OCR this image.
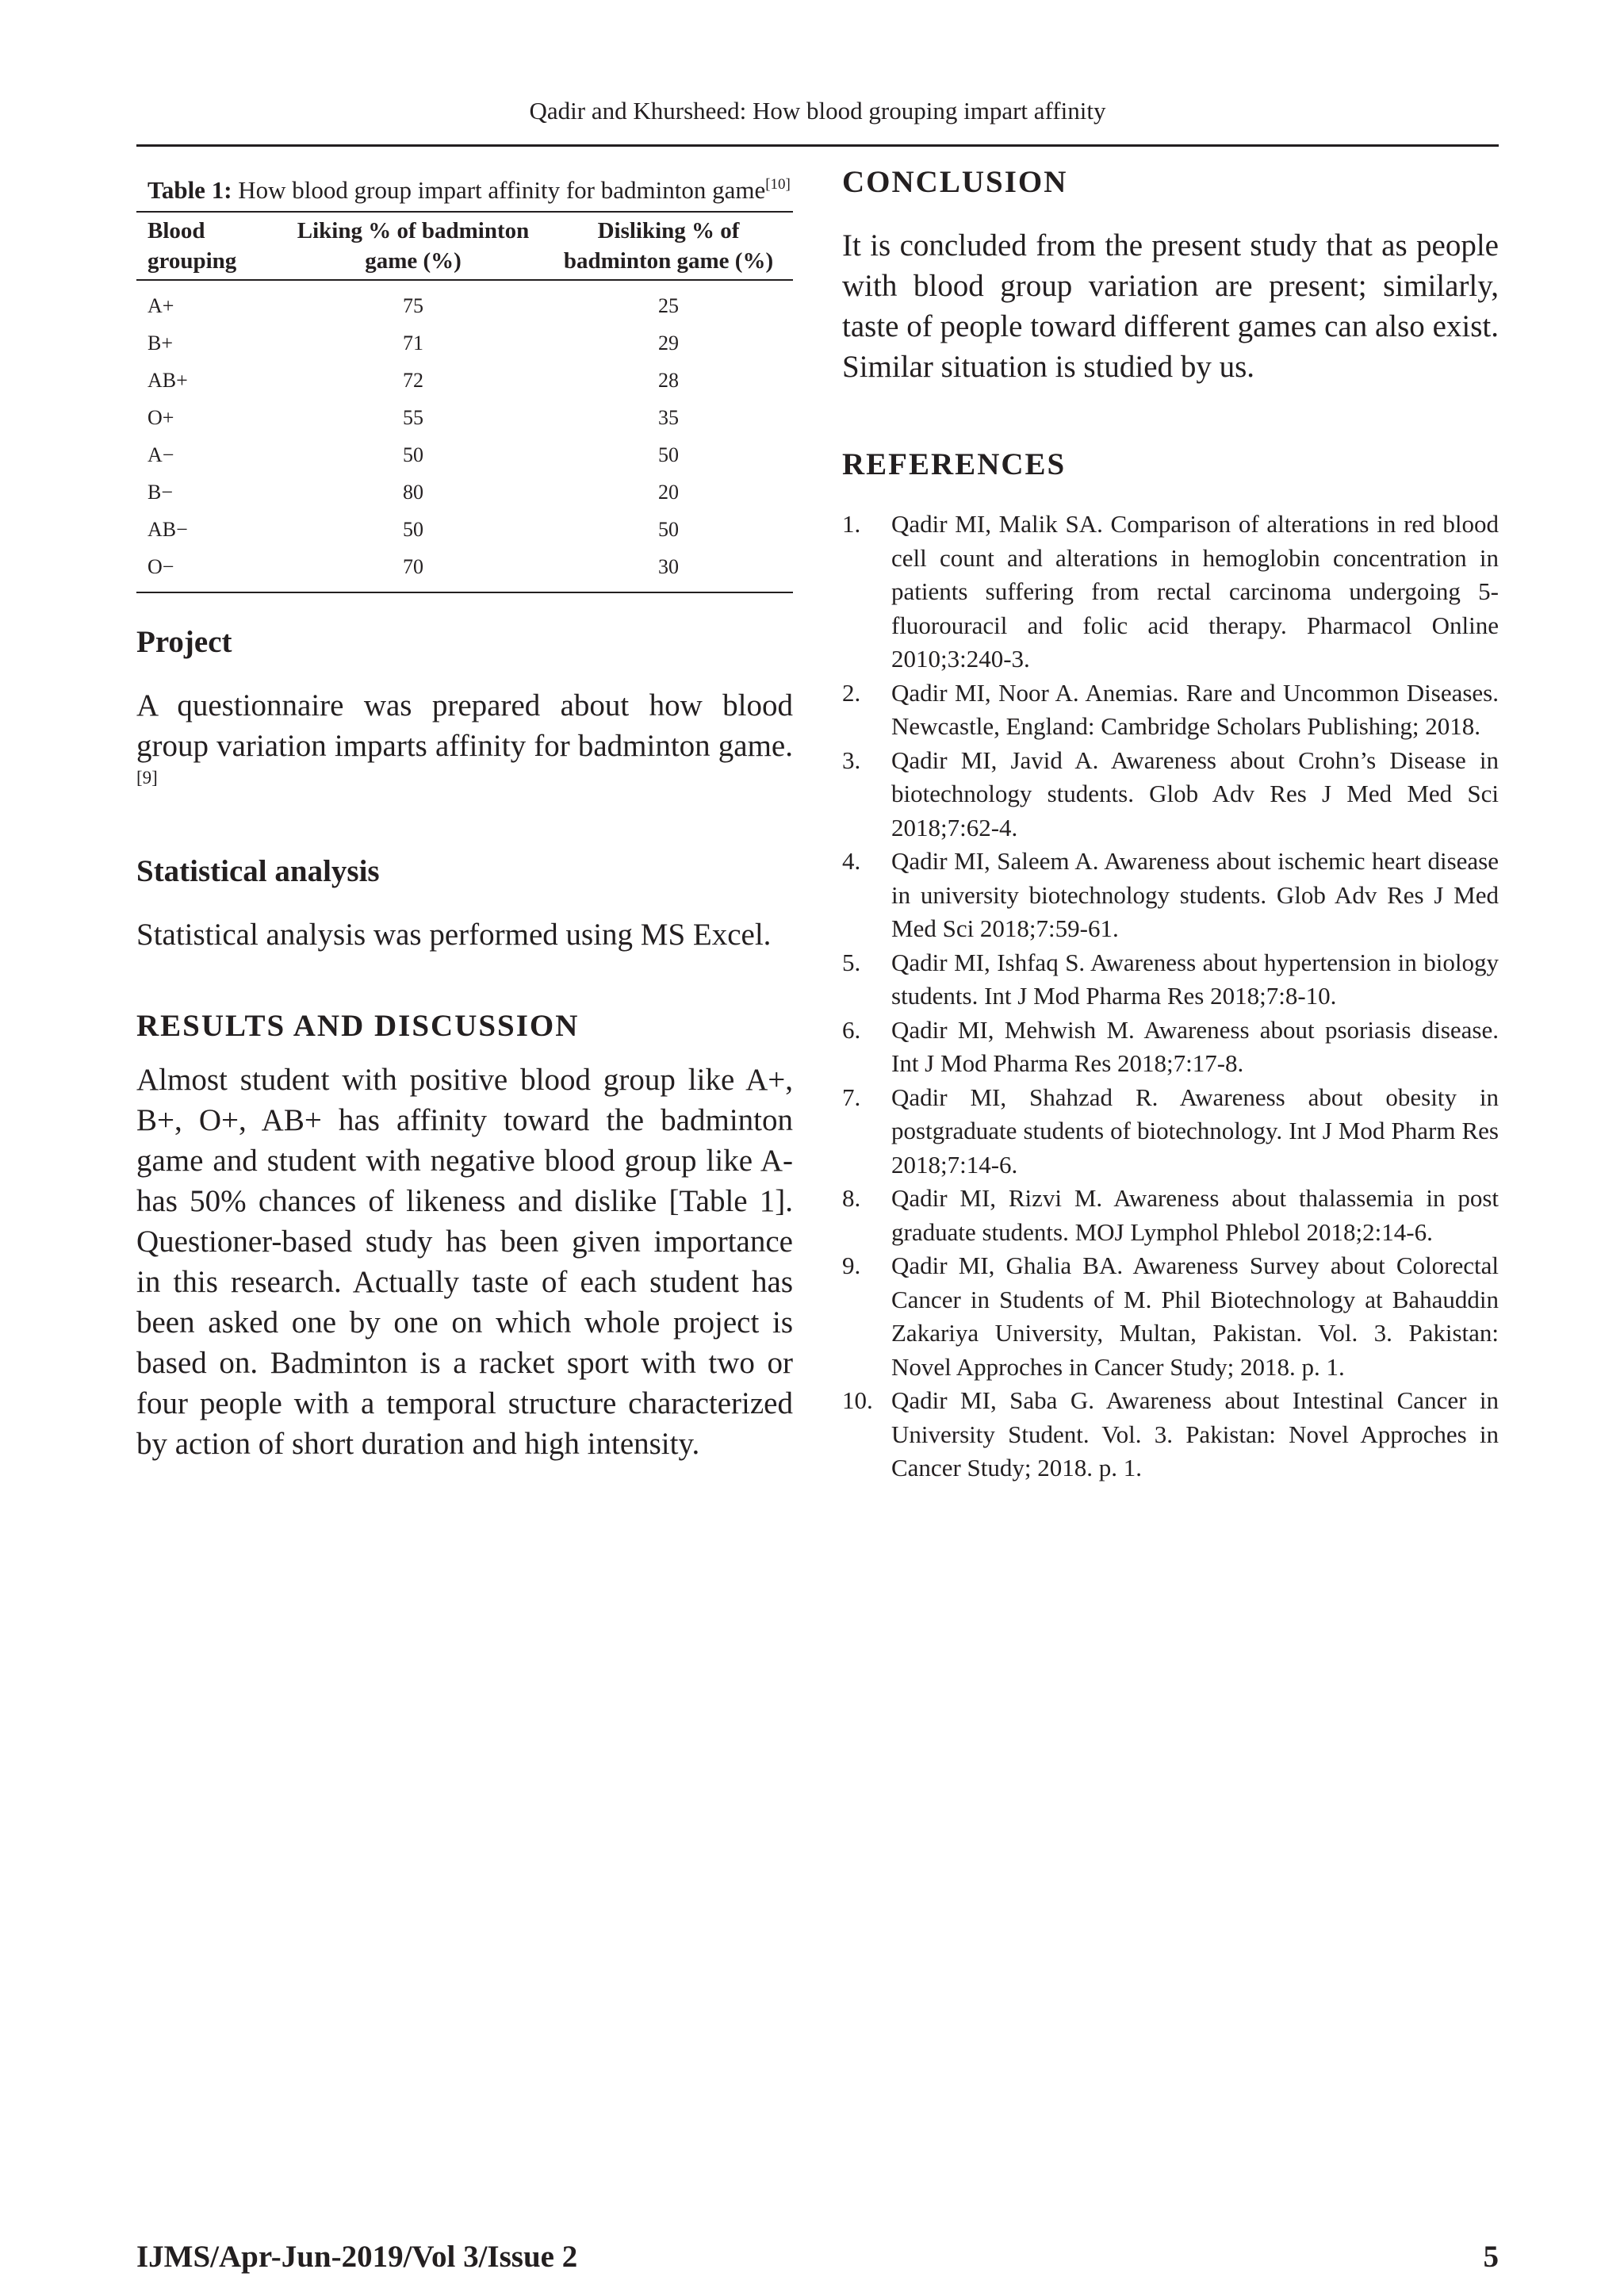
Qadir and Khursheed: How blood grouping impart affinity

Table 1: How blood group impart affinity for badminton game[10]

Blood grouping	Liking % of badminton game (%)	Disliking % of badminton game (%)
A+	75	25
B+	71	29
AB+	72	28
O+	55	35
A−	50	50
B−	80	20
AB−	50	50
O−	70	30
Project

A questionnaire was prepared about how blood group variation imparts affinity for badminton game.[9]

Statistical analysis

Statistical analysis was performed using MS Excel.

RESULTS AND DISCUSSION

Almost student with positive blood group like A+, B+, O+, AB+ has affinity toward the badminton game and student with negative blood group like A- has 50% chances of likeness and dislike [Table 1]. Questioner-based study has been given importance in this research. Actually taste of each student has been asked one by one on which whole project is based on. Badminton is a racket sport with two or four people with a temporal structure characterized by action of short duration and high intensity.

CONCLUSION

It is concluded from the present study that as people with blood group variation are present; similarly, taste of people toward different games can also exist. Similar situation is studied by us.

REFERENCES
1. Qadir MI, Malik SA. Comparison of alterations in red blood cell count and alterations in hemoglobin concentration in patients suffering from rectal carcinoma undergoing 5-fluorouracil and folic acid therapy. Pharmacol Online 2010;3:240-3.
2. Qadir MI, Noor A. Anemias. Rare and Uncommon Diseases. Newcastle, England: Cambridge Scholars Publishing; 2018.
3. Qadir MI, Javid A. Awareness about Crohn’s Disease in biotechnology students. Glob Adv Res J Med Med Sci 2018;7:62-4.
4. Qadir MI, Saleem A. Awareness about ischemic heart disease in university biotechnology students. Glob Adv Res J Med Med Sci 2018;7:59-61.
5. Qadir MI, Ishfaq S. Awareness about hypertension in biology students. Int J Mod Pharma Res 2018;7:8-10.
6. Qadir MI, Mehwish M. Awareness about psoriasis disease. Int J Mod Pharma Res 2018;7:17-8.
7. Qadir MI, Shahzad R. Awareness about obesity in postgraduate students of biotechnology. Int J Mod Pharm Res 2018;7:14-6.
8. Qadir MI, Rizvi M. Awareness about thalassemia in post graduate students. MOJ Lymphol Phlebol 2018;2:14-6.
9. Qadir MI, Ghalia BA. Awareness Survey about Colorectal Cancer in Students of M. Phil Biotechnology at Bahauddin Zakariya University, Multan, Pakistan. Vol. 3. Pakistan: Novel Approches in Cancer Study; 2018. p. 1.
10. Qadir MI, Saba G. Awareness about Intestinal Cancer in University Student. Vol. 3. Pakistan: Novel Approches in Cancer Study; 2018. p. 1.
IJMS/Apr-Jun-2019/Vol 3/Issue 2	5
